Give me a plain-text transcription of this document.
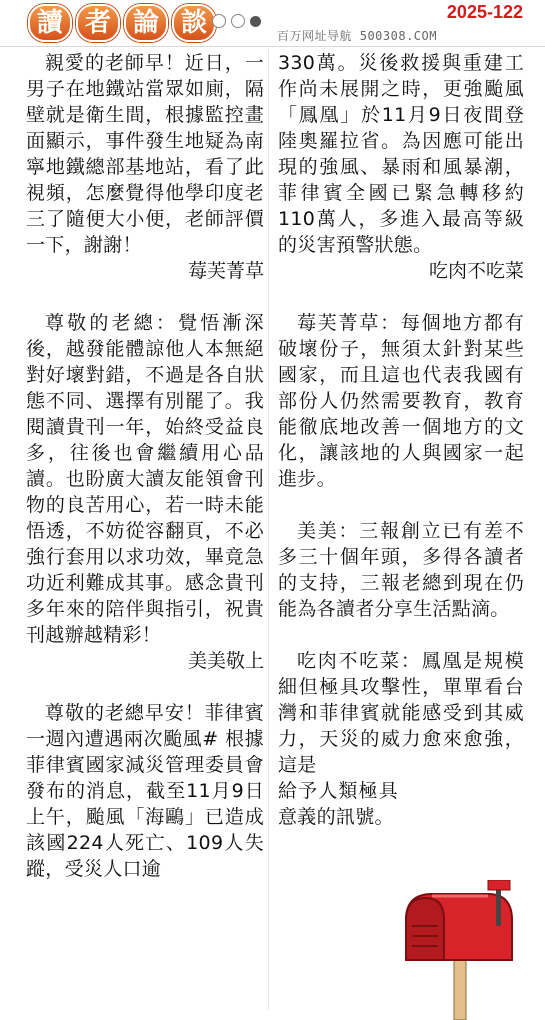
讀 者 論 談	2025-122
百万网址导航 500308.COM

親愛的老師早！近日，一男子在地鐵站當眾如廁，隔壁就是衛生間，根據監控畫面顯示，事件發生地疑為南寧地鐵總部基地站，看了此視頻，怎麼覺得他學印度老三了隨便大小便，老師評價一下，謝謝！

莓芙菁草

尊敬的老總：覺悟漸深後，越發能體諒他人本無絕對好壞對錯，不過是各自狀態不同、選擇有別罷了。我閱讀貴刊一年，始終受益良多，往後也會繼續用心品讀。也盼廣大讀友能領會刊物的良苦用心，若一時未能悟透，不妨從容翻頁，不必強行套用以求功效，畢竟急功近利難成其事。感念貴刊多年來的陪伴與指引，祝貴刊越辦越精彩！

美美敬上

尊敬的老總早安！菲律賓一週內遭遇兩次颱風# 根據菲律賓國家減災管理委員會發布的消息，截至11月9日上午，颱風「海鷗」已造成該國224人死亡、109人失蹤，受災人口逾

330萬。災後救援與重建工作尚未展開之時，更強颱風「鳳凰」於11月9日夜間登陸奧羅拉省。為因應可能出現的強風、暴雨和風暴潮，菲律賓全國已緊急轉移約110萬人，多進入最高等級的災害預警狀態。

吃肉不吃菜

莓芙菁草：每個地方都有破壞份子，無須太針對某些國家，而且這也代表我國有部份人仍然需要教育，教育能徹底地改善一個地方的文化，讓該地的人與國家一起進步。

美美：三報創立已有差不多三十個年頭，多得各讀者的支持，三報老總到現在仍能為各讀者分享生活點滴。

吃肉不吃菜：鳳凰是規模細但極具攻擊性，單單看台灣和菲律賓就能感受到其威力，天災的威力愈來愈強，這是

給予人類極具意義的訊號。
